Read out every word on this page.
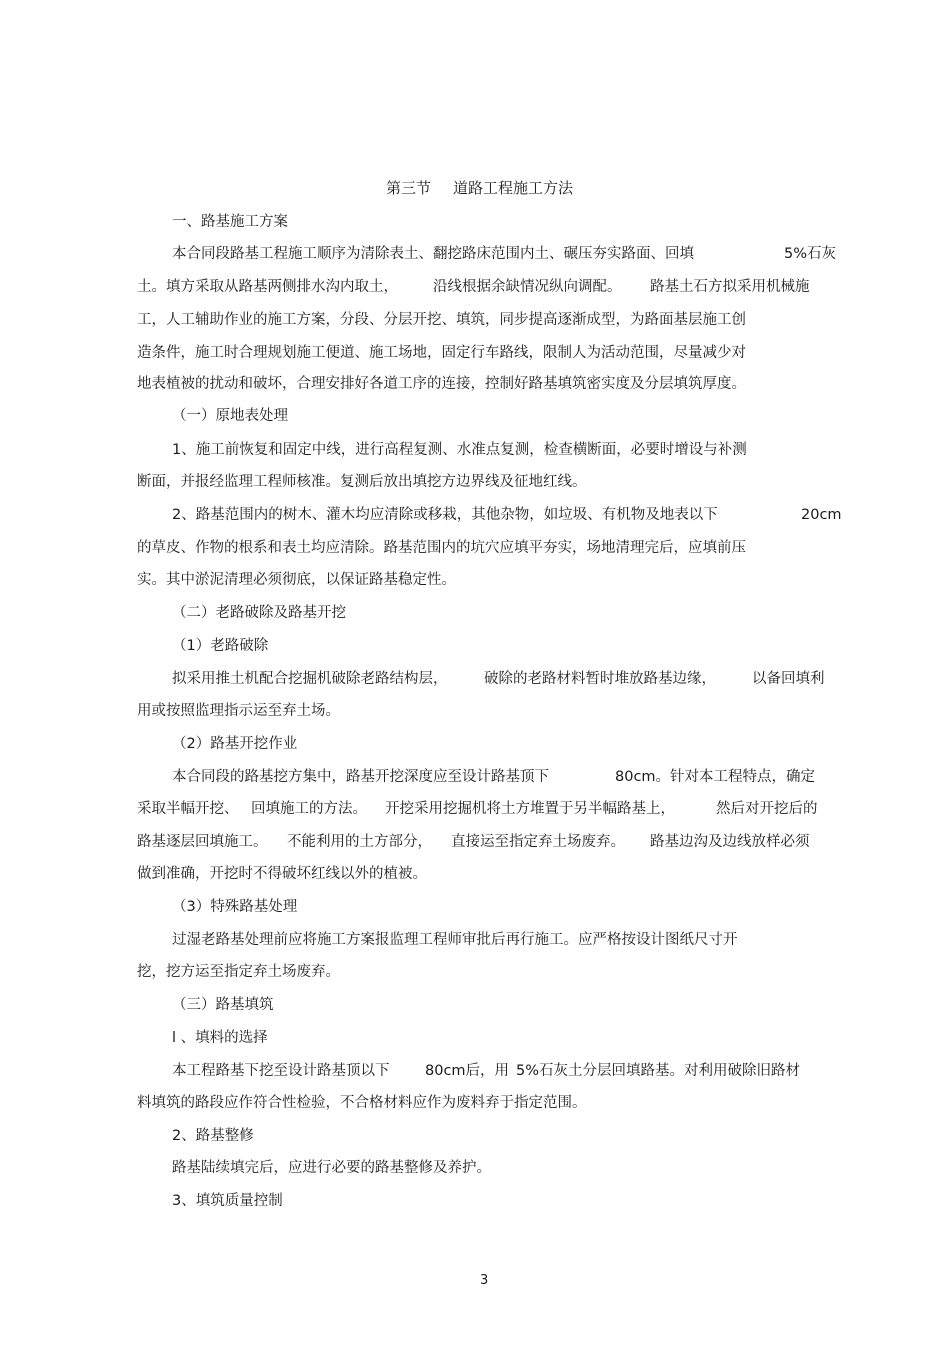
第三节 道路工程施工方法
一、路基施工方案
本合同段路基工程施工顺序为清除表土、翻挖路床范围内土、碾压夯实路面、回填	5%石灰
土。填方采取从路基两侧排水沟内取土， 沿线根据余缺情况纵向调配。 路基土石方拟采用机械施
工，人工辅助作业的施工方案，分段、分层开挖、填筑，同步提高逐渐成型，为路面基层施工创
造条件，施工时合理规划施工便道、施工场地，固定行车路线，限制人为活动范围，尽量减少对
地表植被的扰动和破坏，合理安排好各道工序的连接，控制好路基填筑密实度及分层填筑厚度。
（一）原地表处理
1、施工前恢复和固定中线，进行高程复测、水准点复测，检查横断面，必要时增设与补测
断面，并报经监理工程师核准。复测后放出填挖方边界线及征地红线。
2、路基范围内的树木、灌木均应清除或移栽，其他杂物，如垃圾、有机物及地表以下	20cm
的草皮、作物的根系和表土均应清除。路基范围内的坑穴应填平夯实，场地清理完后，应填前压
实。其中淤泥清理必须彻底，以保证路基稳定性。
（二）老路破除及路基开挖
（1）老路破除
拟采用推土机配合挖掘机破除老路结构层，	破除的老路材料暂时堆放路基边缘， 以备回填利
用或按照监理指示运至弃土场。
（2）路基开挖作业
本合同段的路基挖方集中，路基开挖深度应至设计路基顶下	80cm。针对本工程特点，确定
采取半幅开挖、 回填施工的方法。 开挖采用挖掘机将土方堆置于另半幅路基上，	然后对开挖后的
路基逐层回填施工。 不能利用的土方部分， 直接运至指定弃土场废弃。 路基边沟及边线放样必须
做到准确，开挖时不得破坏红线以外的植被。
（3）特殊路基处理
过湿老路基处理前应将施工方案报监理工程师审批后再行施工。应严格按设计图纸尺寸开
挖，挖方运至指定弃土场废弃。
（三）路基填筑
l 、填料的选择
本工程路基下挖至设计路基顶以下 80cm后，用 5%石灰土分层回填路基。对利用破除旧路材
料填筑的路段应作符合性检验，不合格材料应作为废料弃于指定范围。
2、路基整修
路基陆续填完后，应进行必要的路基整修及养护。
3、填筑质量控制
3
